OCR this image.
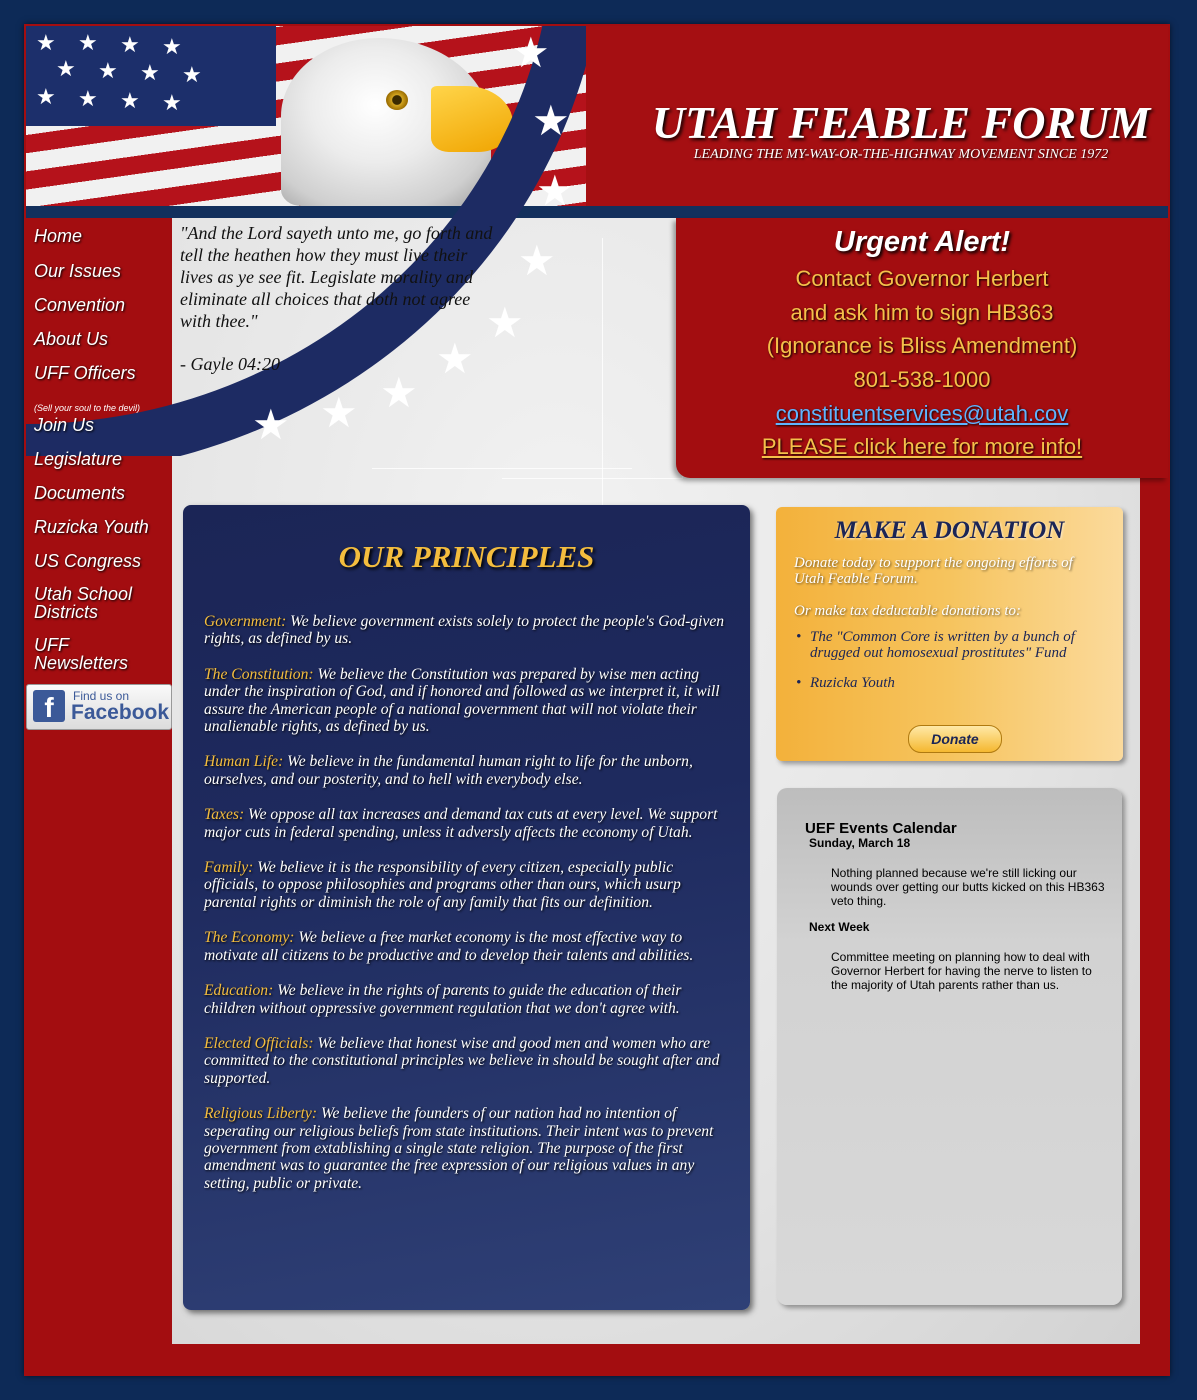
★ ★ ★ ★
★ ★ ★ ★
★ ★ ★ ★	UTAH FEABLE FORUM
LEADING THE MY-WAY-OR-THE-HIGHWAY MOVEMENT SINCE 1972
★
★
★
★
★
★
★
★
★
"And the Lord sayeth unto me, go forth and tell the heathen how they must live their lives as ye see fit. Legislate morality and eliminate all choices that doth not agree with thee."
- Gayle 04:20
Home
Our Issues
Convention
About Us
UFF Officers
(Sell your soul to the devil)
Join Us
Legislature
Documents
Ruzicka Youth
US Congress
Utah School Districts
UFF Newsletters
f	Find us on
Facebook
Urgent Alert!
Contact Governor Herbert
and ask him to sign HB363
(Ignorance is Bliss Amendment)
801-538-1000
constituentservices@utah.cov
PLEASE click here for more info!
OUR PRINCIPLES
Government: We believe government exists solely to protect the people's God-given rights, as defined by us.
The Constitution: We believe the Constitution was prepared by wise men acting under the inspiration of God, and if honored and followed as we interpret it, it will assure the American people of a national government that will not violate their unalienable rights, as defined by us.
Human Life: We believe in the fundamental human right to life for the unborn, ourselves, and our posterity, and to hell with everybody else.
Taxes: We oppose all tax increases and demand tax cuts at every level. We support major cuts in federal spending, unless it adversly affects the economy of Utah.
Family: We believe it is the responsibility of every citizen, especially public officials, to oppose philosophies and programs other than ours, which usurp parental rights or diminish the role of any family that fits our definition.
The Economy: We believe a free market economy is the most effective way to motivate all citizens to be productive and to develop their talents and abilities.
Education: We believe in the rights of parents to guide the education of their children without oppressive government regulation that we don't agree with.
Elected Officials: We believe that honest wise and good men and women who are committed to the constitutional principles we believe in should be sought after and supported.
Religious Liberty: We believe the founders of our nation had no intention of seperating our religious beliefs from state institutions. Their intent was to prevent government from extablishing a single state religion. The purpose of the first amendment was to guarantee the free expression of our religious values in any setting, public or private.
MAKE A DONATION
Donate today to support the ongoing efforts of Utah Feable Forum.
Or make tax deductable donations to:
• The "Common Core is written by a bunch of drugged out homosexual prostitutes" Fund
• Ruzicka Youth
Donate
UEF Events Calendar
Sunday, March 18
Nothing planned because we're still licking our wounds over getting our butts kicked on this HB363 veto thing.
Next Week
Committee meeting on planning how to deal with Governor Herbert for having the nerve to listen to the majority of Utah parents rather than us.
